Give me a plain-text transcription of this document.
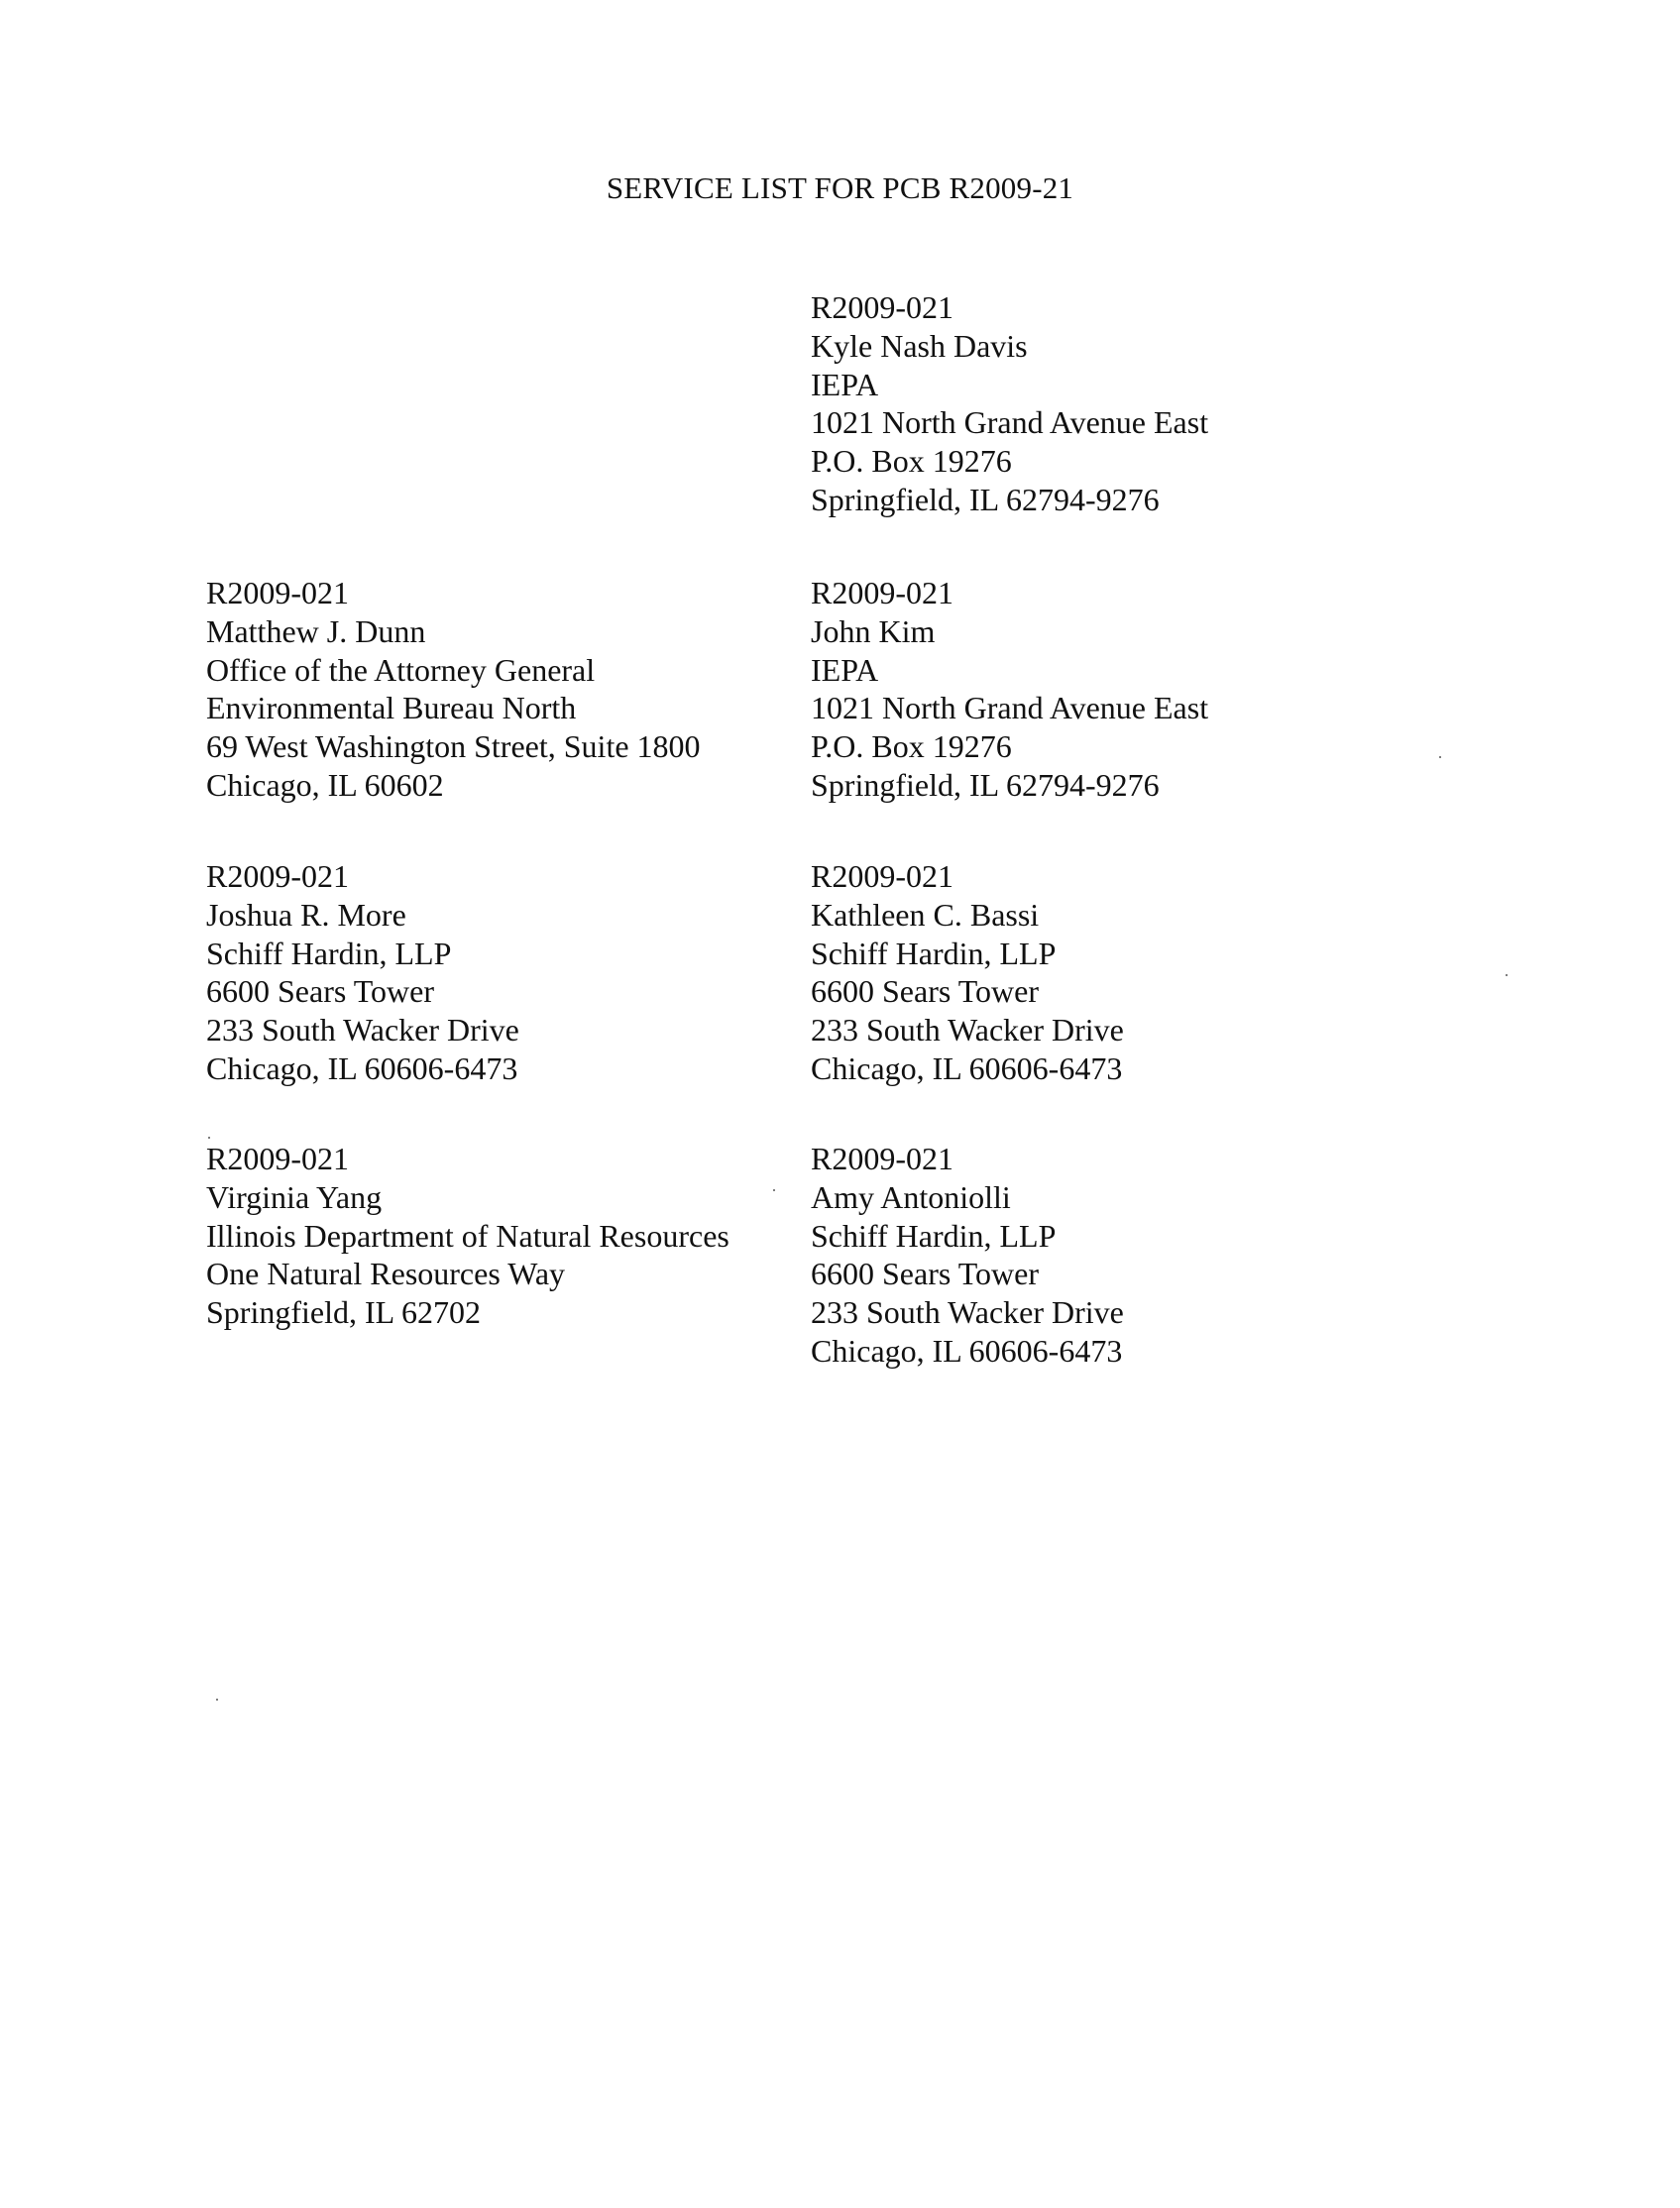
SERVICE LIST FOR PCB R2009-21
R2009-021
Kyle Nash Davis
IEPA
1021 North Grand Avenue East
P.O. Box 19276
Springfield, IL 62794-9276
R2009-021
Matthew J. Dunn
Office of the Attorney General
Environmental Bureau North
69 West Washington Street, Suite 1800
Chicago, IL 60602
R2009-021
John Kim
IEPA
1021 North Grand Avenue East
P.O. Box 19276
Springfield, IL 62794-9276
R2009-021
Joshua R. More
Schiff Hardin, LLP
6600 Sears Tower
233 South Wacker Drive
Chicago, IL 60606-6473
R2009-021
Kathleen C. Bassi
Schiff Hardin, LLP
6600 Sears Tower
233 South Wacker Drive
Chicago, IL 60606-6473
R2009-021
Virginia Yang
Illinois Department of Natural Resources
One Natural Resources Way
Springfield, IL 62702
R2009-021
Amy Antoniolli
Schiff Hardin, LLP
6600 Sears Tower
233 South Wacker Drive
Chicago, IL 60606-6473
